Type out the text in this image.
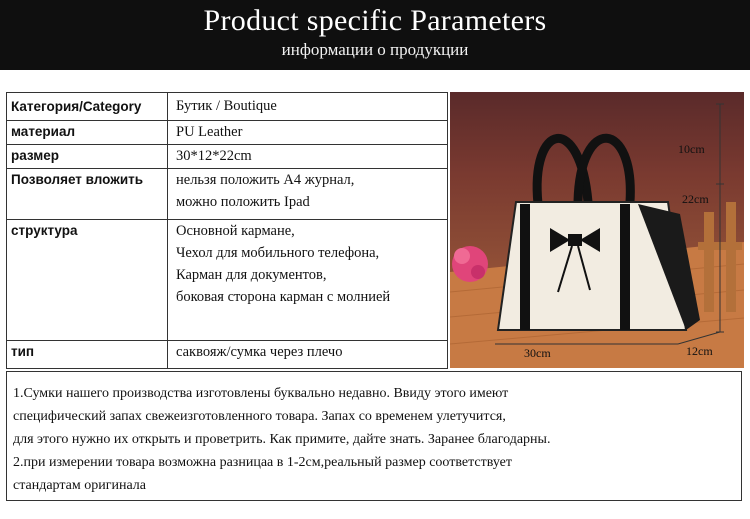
Product specific Parameters
информации о продукции
Категория/Category	Бутик / Boutique

материал	PU Leather

размер	30*12*22cm

Позволяет вложить	нельзя положить А4 журнал,
можно положить Ipad

структура	Основной кармане,
Чехол для мобильного телефона,
Карман для документов,
боковая сторона карман с молнией

тип	саквояж/сумка через плечо
10cm
22cm
30cm	12cm
1.Сумки нашего производства изготовлены буквально недавно. Ввиду этого имеют
специфический запах свежеизготовленного товара. Запах со временем улетучится,
для этого нужно их открыть и проветрить. Как примите, дайте знать. Заранее благодарны.
2.при измерении товара возможна разницаа в 1-2см,реальный размер соответствует
стандартам оригинала
